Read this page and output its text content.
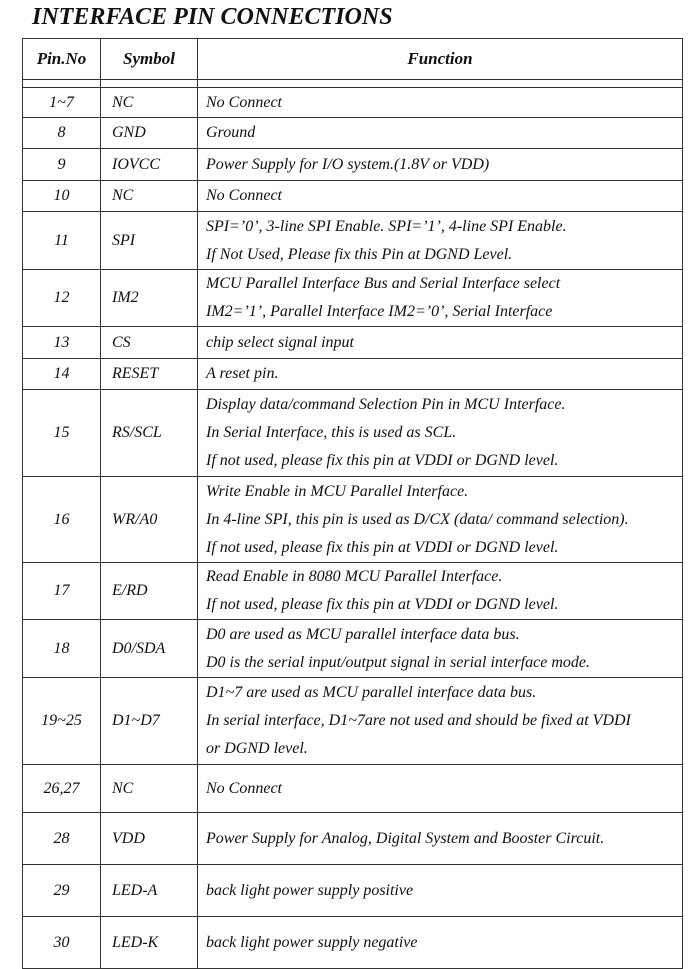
INTERFACE PIN CONNECTIONS
Pin.No	Symbol	Function

1~7	NC	No Connect

8	GND	Ground

9	IOVCC	Power Supply for I/O system.(1.8V or VDD)

10	NC	No Connect

11	SPI	SPI=’0’, 3-line SPI Enable. SPI=’1’, 4-line SPI Enable.
If Not Used, Please fix this Pin at DGND Level.

12	IM2	MCU Parallel Interface Bus and Serial Interface select
IM2=’1’, Parallel Interface IM2=’0’, Serial Interface

13	CS	chip select signal input

14	RESET	A reset pin.

15	RS/SCL	Display data/command Selection Pin in MCU Interface.
In Serial Interface, this is used as SCL.
If not used, please fix this pin at VDDI or DGND level.

16	WR/A0	Write Enable in MCU Parallel Interface.
In 4-line SPI, this pin is used as D/CX (data/ command selection).
If not used, please fix this pin at VDDI or DGND level.

17	E/RD	Read Enable in 8080 MCU Parallel Interface.
If not used, please fix this pin at VDDI or DGND level.

18	D0/SDA	D0 are used as MCU parallel interface data bus.
D0 is the serial input/output signal in serial interface mode.

19~25	D1~D7	D1~7 are used as MCU parallel interface data bus.
In serial interface, D1~7are not used and should be fixed at VDDI
or DGND level.

26,27	NC	No Connect

28	VDD	Power Supply for Analog, Digital System and Booster Circuit.

29	LED-A	back light power supply positive

30	LED-K	back light power supply negative
